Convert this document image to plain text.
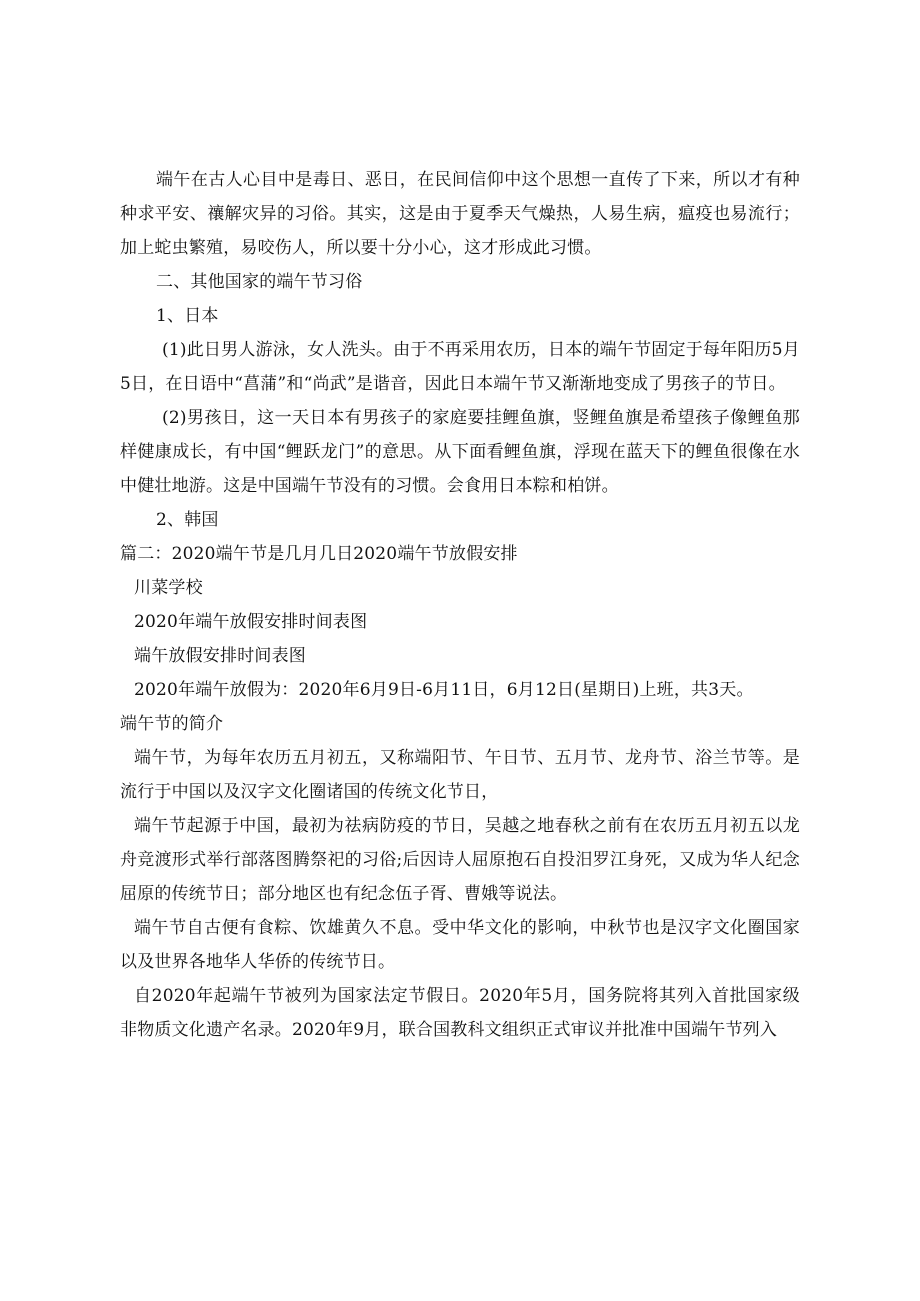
端午在古人心目中是毒日、恶日，在民间信仰中这个思想一直传了下来，所以才有种种求平安、禳解灾异的习俗。其实，这是由于夏季天气燥热，人易生病，瘟疫也易流行；加上蛇虫繁殖，易咬伤人，所以要十分小心，这才形成此习惯。

二、其他国家的端午节习俗

1、日本

(1)此日男人游泳，女人洗头。由于不再采用农历，日本的端午节固定于每年阳历5月5日，在日语中“菖蒲”和“尚武”是谐音，因此日本端午节又渐渐地变成了男孩子的节日。

(2)男孩日，这一天日本有男孩子的家庭要挂鲤鱼旗，竖鲤鱼旗是希望孩子像鲤鱼那样健康成长，有中国“鲤跃龙门”的意思。从下面看鲤鱼旗，浮现在蓝天下的鲤鱼很像在水中健壮地游。这是中国端午节没有的习惯。会食用日本粽和柏饼。

2、韩国

篇二：2020端午节是几月几日2020端午节放假安排

川菜学校

2020年端午放假安排时间表图

端午放假安排时间表图

2020年端午放假为：2020年6月9日-6月11日，6月12日(星期日)上班，共3天。

端午节的简介

端午节，为每年农历五月初五，又称端阳节、午日节、五月节、龙舟节、浴兰节等。是流行于中国以及汉字文化圈诸国的传统文化节日，

端午节起源于中国，最初为祛病防疫的节日，吴越之地春秋之前有在农历五月初五以龙舟竞渡形式举行部落图腾祭祀的习俗;后因诗人屈原抱石自投汨罗江身死，又成为华人纪念屈原的传统节日；部分地区也有纪念伍子胥、曹娥等说法。

端午节自古便有食粽、饮雄黄久不息。受中华文化的影响，中秋节也是汉字文化圈国家以及世界各地华人华侨的传统节日。

自2020年起端午节被列为国家法定节假日。2020年5月，国务院将其列入首批国家级非物质文化遗产名录。2020年9月，联合国教科文组织正式审议并批准中国端午节列入
